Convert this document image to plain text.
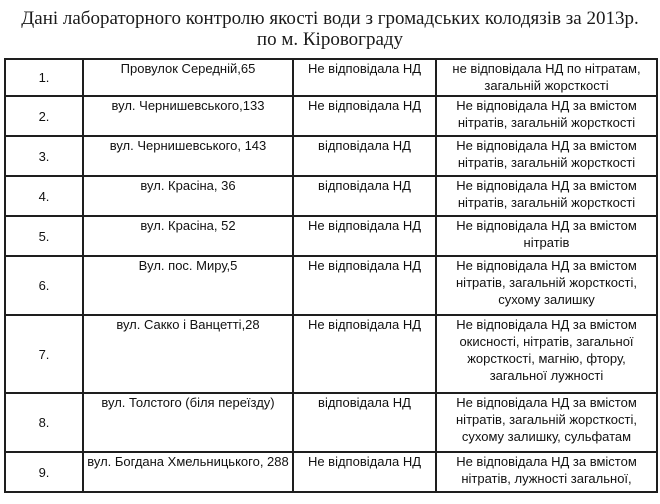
Дані лабораторного контролю якості води з громадських колодязів за 2013р.
по м. Кіровограду
1.	Провулок Середній,65	Не відповідала НД	не відповідала НД по нітратам, загальній жорсткості
2.	вул. Чернишевського,133	Не відповідала НД	Не відповідала НД за вмістом нітратів, загальній жорсткості
3.	вул. Чернишевського, 143	відповідала НД	Не відповідала НД за вмістом нітратів, загальній жорсткості
4.	вул. Красіна, 36	відповідала НД	Не відповідала НД за вмістом нітратів, загальній жорсткості
5.	вул. Красіна, 52	Не відповідала НД	Не відповідала НД за вмістом нітратів
6.	Вул. пос. Миру,5	Не відповідала НД	Не відповідала НД за вмістом нітратів, загальній жорсткості, сухому залишку
7.	вул. Сакко і Ванцетті,28	Не відповідала НД	Не відповідала НД за вмістом окисності, нітратів, загальної жорсткості, магнію, фтору, загальної лужності
8.	вул. Толстого (біля переїзду)	відповідала НД	Не відповідала НД за вмістом нітратів, загальній жорсткості, сухому залишку, сульфатам
9.	вул. Богдана Хмельницького, 288	Не відповідала НД	Не відповідала НД за вмістом нітратів, лужності загальної,
